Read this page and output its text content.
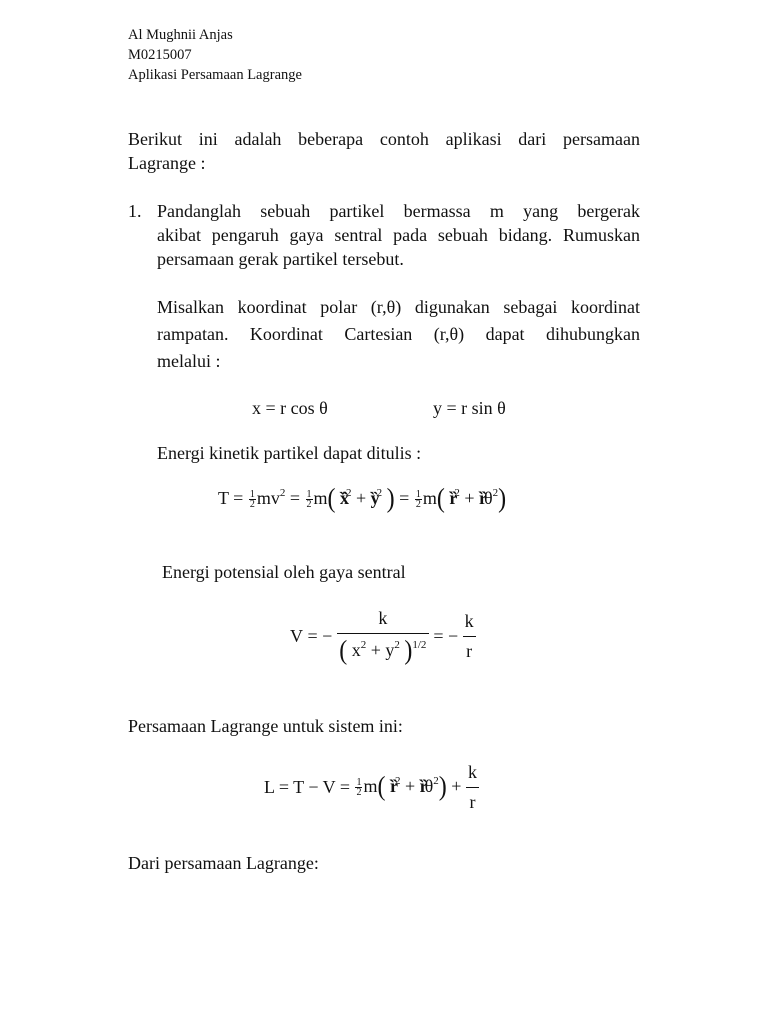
Al Mughnii Anjas
M0215007
Aplikasi Persamaan Lagrange
Berikut ini adalah beberapa contoh aplikasi dari persamaan
Lagrange :
1. Pandanglah sebuah partikel bermassa m yang bergerak
akibat pengaruh gaya sentral pada sebuah bidang. Rumuskan
persamaan gerak partikel tersebut.
Misalkan koordinat polar (r,θ) digunakan sebagai koordinat
rampatan. Koordinat Cartesian (r,θ) dapat dihubungkan
melalui :
x = r cos θ	y = r sin θ
Energi kinetik partikel dapat ditulis :
$T = \frac{1}{2} mv^2 = \frac{1}{2} m$( x̂̏$^2$ + y̏$^2$ ) = $\frac{1}{2} m$( ȑ$^2$ + $ȑ\theta^2$)
Energi potensial oleh gaya sentral
V = − $\frac{k}{( x^2 + y^2 )^{1/2}}$ = − $\frac{k}{r}$
Persamaan Lagrange untuk sistem ini:
$L = T - V = \frac{1}{2} m$( ȑ$^2$ + $ȑ\theta^2) + \frac{k}{r}$
Dari persamaan Lagrange:
